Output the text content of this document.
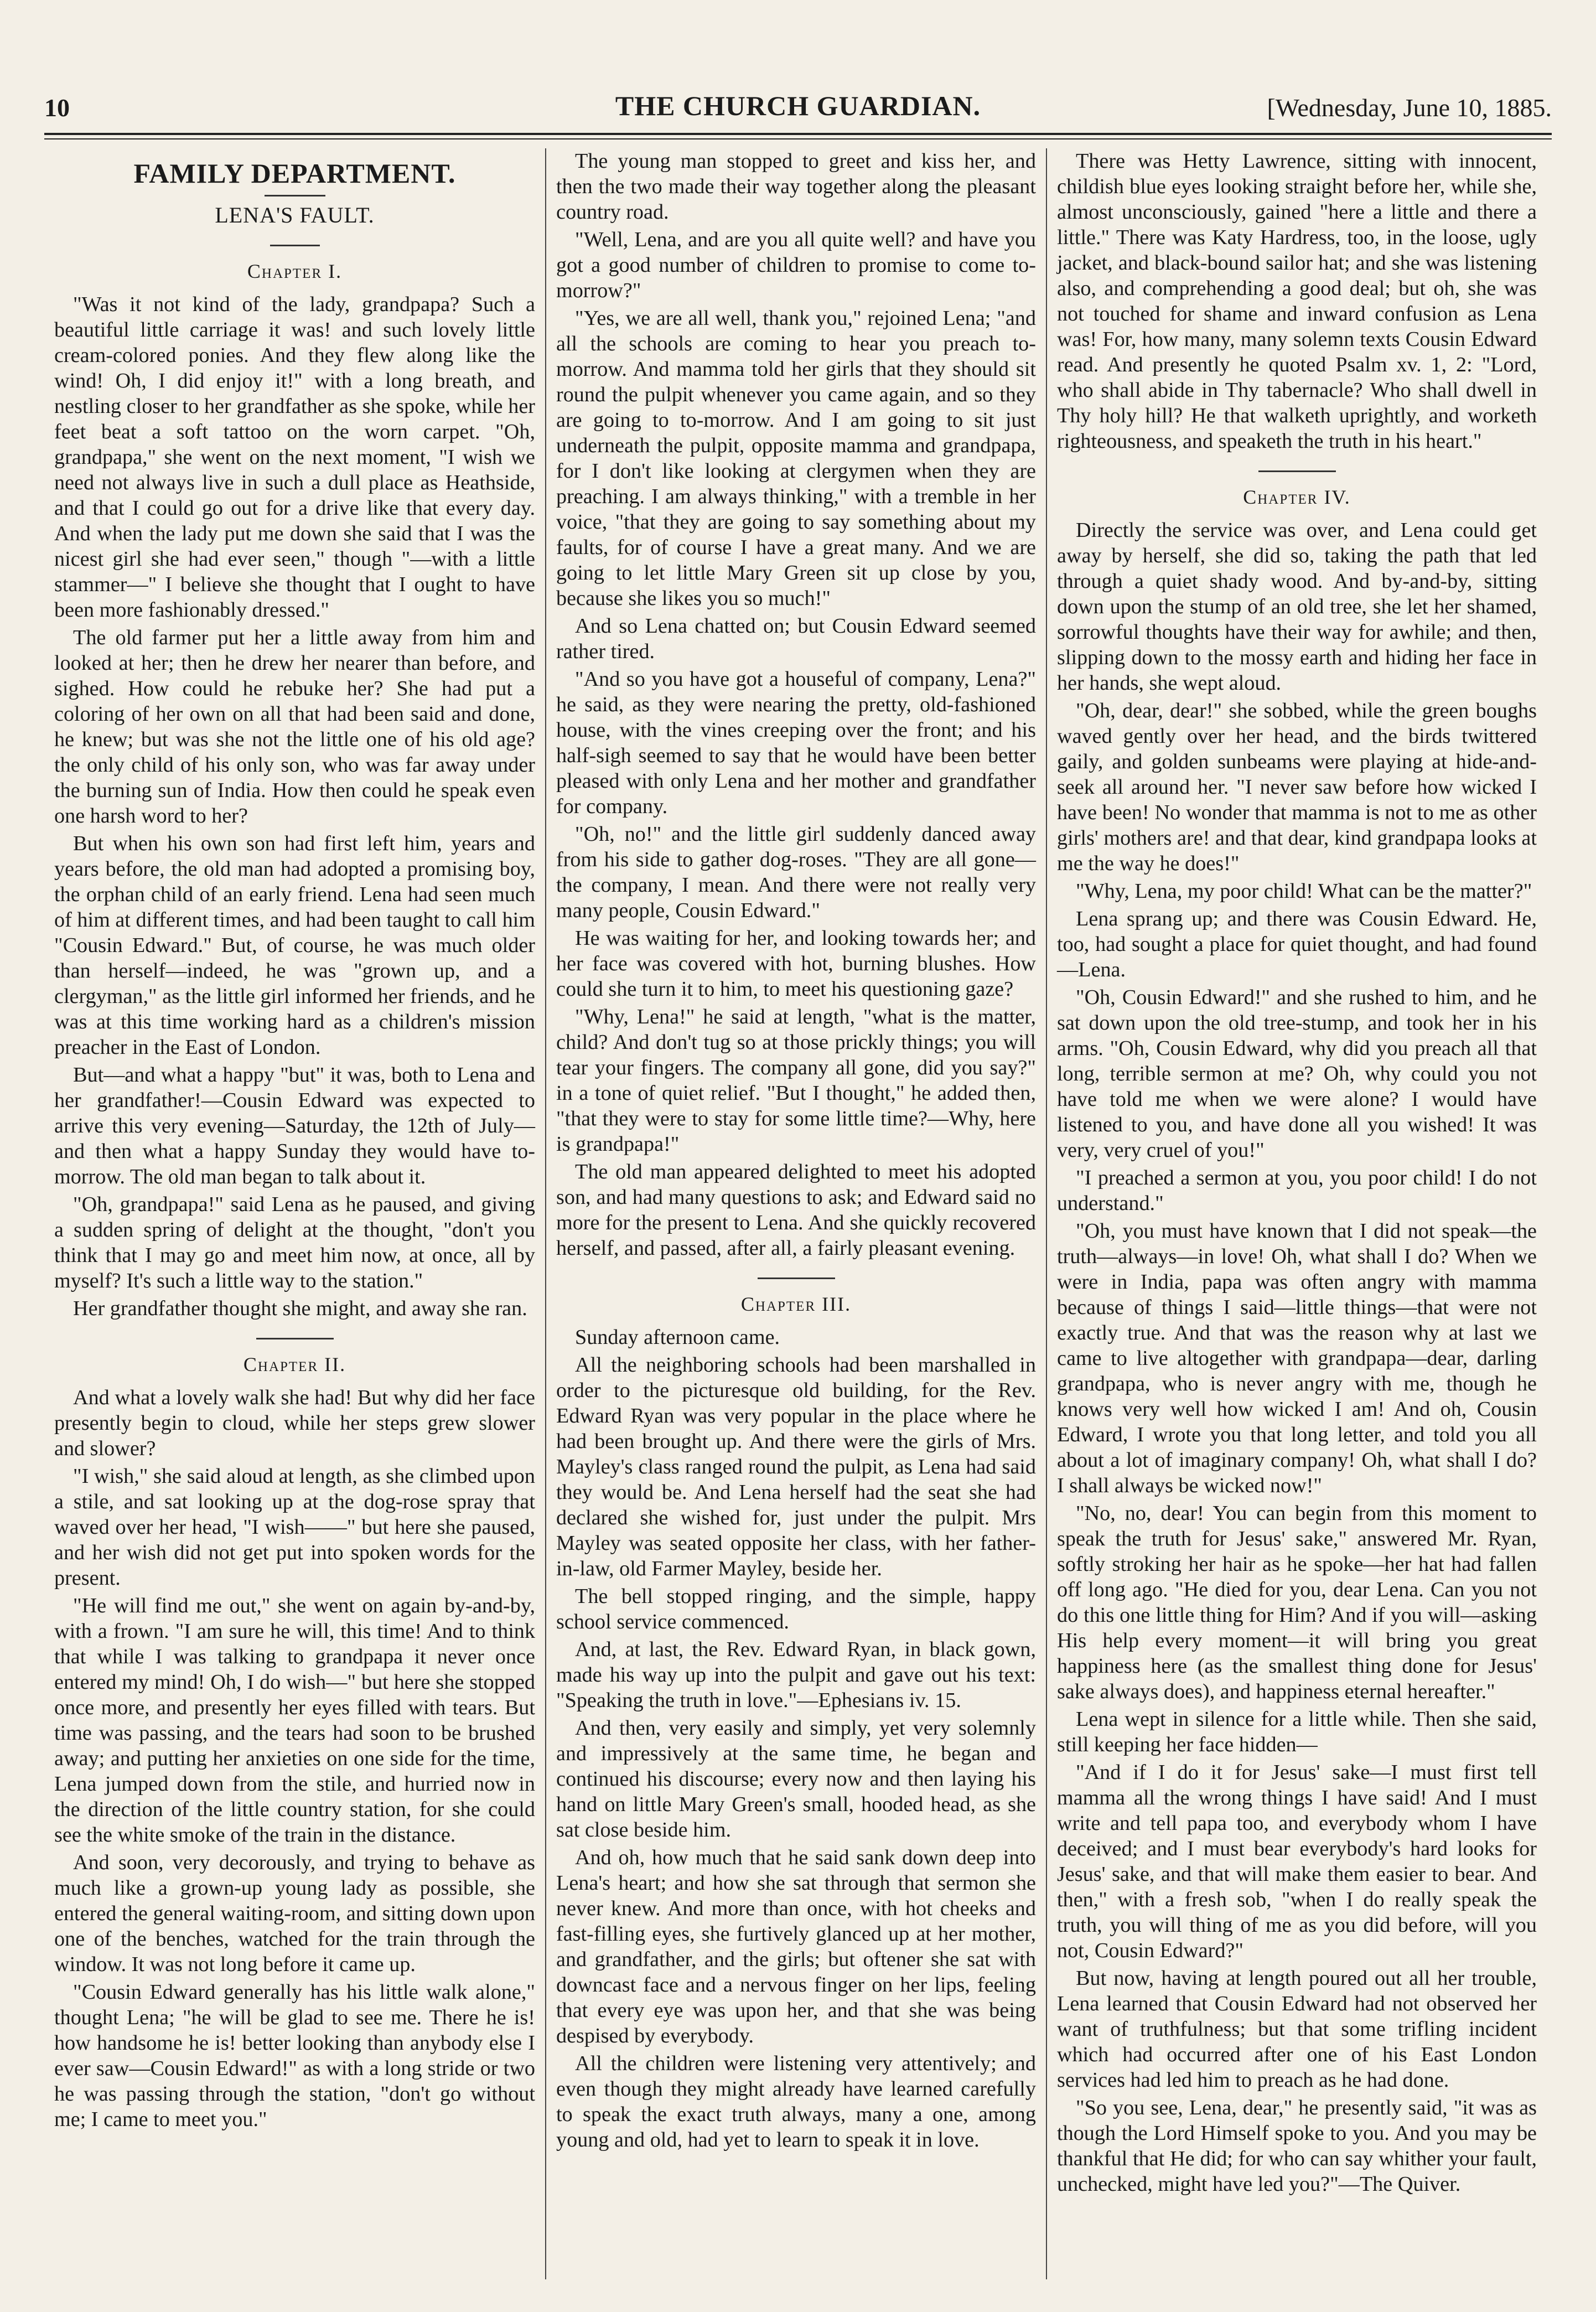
10	THE CHURCH GUARDIAN.	[Wednesday, June 10, 1885.
FAMILY DEPARTMENT.
LENA'S FAULT.
Chapter I.

"Was it not kind of the lady, grandpapa? Such a beautiful little carriage it was! and such lovely little cream-colored ponies. And they flew along like the wind! Oh, I did enjoy it!" with a long breath, and nestling closer to her grandfather as she spoke, while her feet beat a soft tattoo on the worn carpet. "Oh, grandpapa," she went on the next moment, "I wish we need not always live in such a dull place as Heathside, and that I could go out for a drive like that every day. And when the lady put me down she said that I was the nicest girl she had ever seen," though "—with a little stammer—" I believe she thought that I ought to have been more fashionably dressed."

The old farmer put her a little away from him and looked at her; then he drew her nearer than before, and sighed. How could he rebuke her? She had put a coloring of her own on all that had been said and done, he knew; but was she not the little one of his old age? the only child of his only son, who was far away under the burning sun of India. How then could he speak even one harsh word to her?

But when his own son had first left him, years and years before, the old man had adopted a promising boy, the orphan child of an early friend. Lena had seen much of him at different times, and had been taught to call him "Cousin Edward." But, of course, he was much older than herself—indeed, he was "grown up, and a clergyman," as the little girl informed her friends, and he was at this time working hard as a children's mission preacher in the East of London.

But—and what a happy "but" it was, both to Lena and her grandfather!—Cousin Edward was expected to arrive this very evening—Saturday, the 12th of July—and then what a happy Sunday they would have to-morrow. The old man began to talk about it.

"Oh, grandpapa!" said Lena as he paused, and giving a sudden spring of delight at the thought, "don't you think that I may go and meet him now, at once, all by myself? It's such a little way to the station."

Her grandfather thought she might, and away she ran.

Chapter II.

And what a lovely walk she had! But why did her face presently begin to cloud, while her steps grew slower and slower?

"I wish," she said aloud at length, as she climbed upon a stile, and sat looking up at the dog-rose spray that waved over her head, "I wish——" but here she paused, and her wish did not get put into spoken words for the present.

"He will find me out," she went on again by-and-by, with a frown. "I am sure he will, this time! And to think that while I was talking to grandpapa it never once entered my mind! Oh, I do wish—" but here she stopped once more, and presently her eyes filled with tears. But time was passing, and the tears had soon to be brushed away; and putting her anxieties on one side for the time, Lena jumped down from the stile, and hurried now in the direction of the little country station, for she could see the white smoke of the train in the distance.

And soon, very decorously, and trying to behave as much like a grown-up young lady as possible, she entered the general waiting-room, and sitting down upon one of the benches, watched for the train through the window. It was not long before it came up.

"Cousin Edward generally has his little walk alone," thought Lena; "he will be glad to see me. There he is! how handsome he is! better looking than anybody else I ever saw—Cousin Edward!" as with a long stride or two he was passing through the station, "don't go without me; I came to meet you."

The young man stopped to greet and kiss her, and then the two made their way together along the pleasant country road.

"Well, Lena, and are you all quite well? and have you got a good number of children to promise to come to-morrow?"

"Yes, we are all well, thank you," rejoined Lena; "and all the schools are coming to hear you preach to-morrow. And mamma told her girls that they should sit round the pulpit whenever you came again, and so they are going to to-morrow. And I am going to sit just underneath the pulpit, opposite mamma and grandpapa, for I don't like looking at clergymen when they are preaching. I am always thinking," with a tremble in her voice, "that they are going to say something about my faults, for of course I have a great many. And we are going to let little Mary Green sit up close by you, because she likes you so much!"

And so Lena chatted on; but Cousin Edward seemed rather tired.

"And so you have got a houseful of company, Lena?" he said, as they were nearing the pretty, old-fashioned house, with the vines creeping over the front; and his half-sigh seemed to say that he would have been better pleased with only Lena and her mother and grandfather for company.

"Oh, no!" and the little girl suddenly danced away from his side to gather dog-roses. "They are all gone—the company, I mean. And there were not really very many people, Cousin Edward."

He was waiting for her, and looking towards her; and her face was covered with hot, burning blushes. How could she turn it to him, to meet his questioning gaze?

"Why, Lena!" he said at length, "what is the matter, child? And don't tug so at those prickly things; you will tear your fingers. The company all gone, did you say?" in a tone of quiet relief. "But I thought," he added then, "that they were to stay for some little time?—Why, here is grandpapa!"

The old man appeared delighted to meet his adopted son, and had many questions to ask; and Edward said no more for the present to Lena. And she quickly recovered herself, and passed, after all, a fairly pleasant evening.

Chapter III.

Sunday afternoon came.

All the neighboring schools had been marshalled in order to the picturesque old building, for the Rev. Edward Ryan was very popular in the place where he had been brought up. And there were the girls of Mrs. Mayley's class ranged round the pulpit, as Lena had said they would be. And Lena herself had the seat she had declared she wished for, just under the pulpit. Mrs Mayley was seated opposite her class, with her father-in-law, old Farmer Mayley, beside her.

The bell stopped ringing, and the simple, happy school service commenced.

And, at last, the Rev. Edward Ryan, in black gown, made his way up into the pulpit and gave out his text: "Speaking the truth in love."—Ephesians iv. 15.

And then, very easily and simply, yet very solemnly and impressively at the same time, he began and continued his discourse; every now and then laying his hand on little Mary Green's small, hooded head, as she sat close beside him.

And oh, how much that he said sank down deep into Lena's heart; and how she sat through that sermon she never knew. And more than once, with hot cheeks and fast-filling eyes, she furtively glanced up at her mother, and grandfather, and the girls; but oftener she sat with downcast face and a nervous finger on her lips, feeling that every eye was upon her, and that she was being despised by everybody.

All the children were listening very attentively; and even though they might already have learned carefully to speak the exact truth always, many a one, among young and old, had yet to learn to speak it in love.

There was Hetty Lawrence, sitting with innocent, childish blue eyes looking straight before her, while she, almost unconsciously, gained "here a little and there a little." There was Katy Hardress, too, in the loose, ugly jacket, and black-bound sailor hat; and she was listening also, and comprehending a good deal; but oh, she was not touched for shame and inward confusion as Lena was! For, how many, many solemn texts Cousin Edward read. And presently he quoted Psalm xv. 1, 2: "Lord, who shall abide in Thy tabernacle? Who shall dwell in Thy holy hill? He that walketh uprightly, and worketh righteousness, and speaketh the truth in his heart."

Chapter IV.

Directly the service was over, and Lena could get away by herself, she did so, taking the path that led through a quiet shady wood. And by-and-by, sitting down upon the stump of an old tree, she let her shamed, sorrowful thoughts have their way for awhile; and then, slipping down to the mossy earth and hiding her face in her hands, she wept aloud.

"Oh, dear, dear!" she sobbed, while the green boughs waved gently over her head, and the birds twittered gaily, and golden sunbeams were playing at hide-and-seek all around her. "I never saw before how wicked I have been! No wonder that mamma is not to me as other girls' mothers are! and that dear, kind grandpapa looks at me the way he does!"

"Why, Lena, my poor child! What can be the matter?"

Lena sprang up; and there was Cousin Edward. He, too, had sought a place for quiet thought, and had found—Lena.

"Oh, Cousin Edward!" and she rushed to him, and he sat down upon the old tree-stump, and took her in his arms. "Oh, Cousin Edward, why did you preach all that long, terrible sermon at me? Oh, why could you not have told me when we were alone? I would have listened to you, and have done all you wished! It was very, very cruel of you!"

"I preached a sermon at you, you poor child! I do not understand."

"Oh, you must have known that I did not speak—the truth—always—in love! Oh, what shall I do? When we were in India, papa was often angry with mamma because of things I said—little things—that were not exactly true. And that was the reason why at last we came to live altogether with grandpapa—dear, darling grandpapa, who is never angry with me, though he knows very well how wicked I am! And oh, Cousin Edward, I wrote you that long letter, and told you all about a lot of imaginary company! Oh, what shall I do? I shall always be wicked now!"

"No, no, dear! You can begin from this moment to speak the truth for Jesus' sake," answered Mr. Ryan, softly stroking her hair as he spoke—her hat had fallen off long ago. "He died for you, dear Lena. Can you not do this one little thing for Him? And if you will—asking His help every moment—it will bring you great happiness here (as the smallest thing done for Jesus' sake always does), and happiness eternal hereafter."

Lena wept in silence for a little while. Then she said, still keeping her face hidden—

"And if I do it for Jesus' sake—I must first tell mamma all the wrong things I have said! And I must write and tell papa too, and everybody whom I have deceived; and I must bear everybody's hard looks for Jesus' sake, and that will make them easier to bear. And then," with a fresh sob, "when I do really speak the truth, you will thing of me as you did before, will you not, Cousin Edward?"

But now, having at length poured out all her trouble, Lena learned that Cousin Edward had not observed her want of truthfulness; but that some trifling incident which had occurred after one of his East London services had led him to preach as he had done.

"So you see, Lena, dear," he presently said, "it was as though the Lord Himself spoke to you. And you may be thankful that He did; for who can say whither your fault, unchecked, might have led you?"—The Quiver.
